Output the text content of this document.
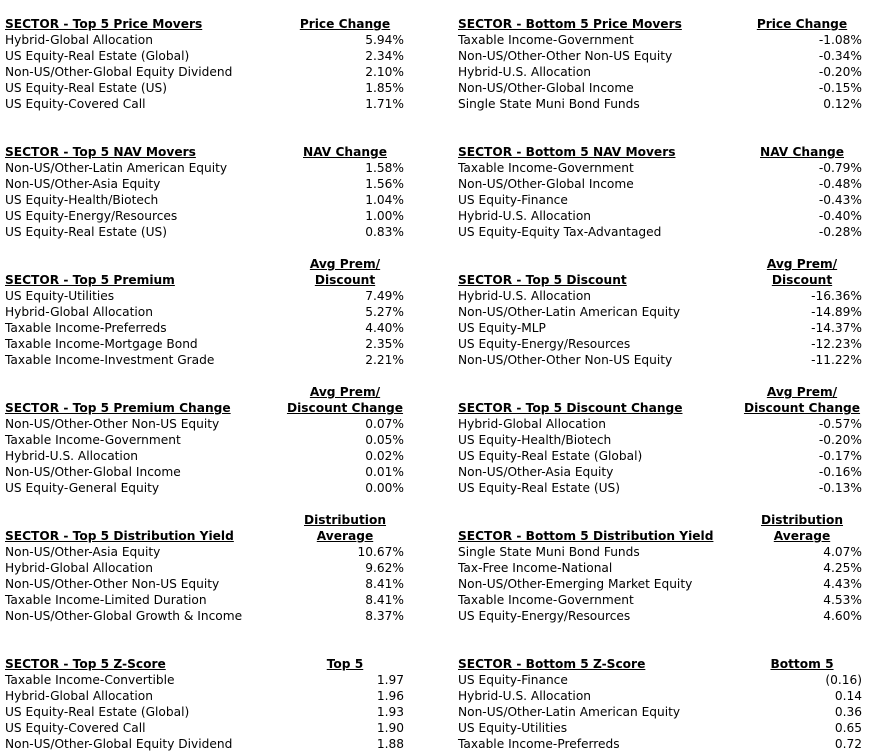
SECTOR - Top 5 Price Movers	Price Change
Hybrid-Global Allocation	5.94%
US Equity-Real Estate (Global)	2.34%
Non-US/Other-Global Equity Dividend	2.10%
US Equity-Real Estate (US)	1.85%
US Equity-Covered Call	1.71%
SECTOR - Bottom 5 Price Movers	Price Change
Taxable Income-Government	-1.08%
Non-US/Other-Other Non-US Equity	-0.34%
Hybrid-U.S. Allocation	-0.20%
Non-US/Other-Global Income	-0.15%
Single State Muni Bond Funds	0.12%
SECTOR - Top 5 NAV Movers	NAV Change
Non-US/Other-Latin American Equity	1.58%
Non-US/Other-Asia Equity	1.56%
US Equity-Health/Biotech	1.04%
US Equity-Energy/Resources	1.00%
US Equity-Real Estate (US)	0.83%
SECTOR - Bottom 5 NAV Movers	NAV Change
Taxable Income-Government	-0.79%
Non-US/Other-Global Income	-0.48%
US Equity-Finance	-0.43%
Hybrid-U.S. Allocation	-0.40%
US Equity-Equity Tax-Advantaged	-0.28%
SECTOR - Top 5 Premium
Avg Prem/
Discount
US Equity-Utilities	7.49%
Hybrid-Global Allocation	5.27%
Taxable Income-Preferreds	4.40%
Taxable Income-Mortgage Bond	2.35%
Taxable Income-Investment Grade	2.21%
SECTOR - Top 5 Discount
Avg Prem/
Discount
Hybrid-U.S. Allocation	-16.36%
Non-US/Other-Latin American Equity	-14.89%
US Equity-MLP	-14.37%
US Equity-Energy/Resources	-12.23%
Non-US/Other-Other Non-US Equity	-11.22%
SECTOR - Top 5 Premium Change
Avg Prem/
Discount Change
Non-US/Other-Other Non-US Equity	0.07%
Taxable Income-Government	0.05%
Hybrid-U.S. Allocation	0.02%
Non-US/Other-Global Income	0.01%
US Equity-General Equity	0.00%
SECTOR - Top 5 Discount Change
Avg Prem/
Discount Change
Hybrid-Global Allocation	-0.57%
US Equity-Health/Biotech	-0.20%
US Equity-Real Estate (Global)	-0.17%
Non-US/Other-Asia Equity	-0.16%
US Equity-Real Estate (US)	-0.13%
SECTOR - Top 5 Distribution Yield
Distribution
Average
Non-US/Other-Asia Equity	10.67%
Hybrid-Global Allocation	9.62%
Non-US/Other-Other Non-US Equity	8.41%
Taxable Income-Limited Duration	8.41%
Non-US/Other-Global Growth & Income	8.37%
SECTOR - Bottom 5 Distribution Yield
Distribution
Average
Single State Muni Bond Funds	4.07%
Tax-Free Income-National	4.25%
Non-US/Other-Emerging Market Equity	4.43%
Taxable Income-Government	4.53%
US Equity-Energy/Resources	4.60%
SECTOR - Top 5 Z-Score	Top 5
Taxable Income-Convertible	1.97
Hybrid-Global Allocation	1.96
US Equity-Real Estate (Global)	1.93
US Equity-Covered Call	1.90
Non-US/Other-Global Equity Dividend	1.88
SECTOR - Bottom 5 Z-Score	Bottom 5
US Equity-Finance	(0.16)
Hybrid-U.S. Allocation	0.14
Non-US/Other-Latin American Equity	0.36
US Equity-Utilities	0.65
Taxable Income-Preferreds	0.72
